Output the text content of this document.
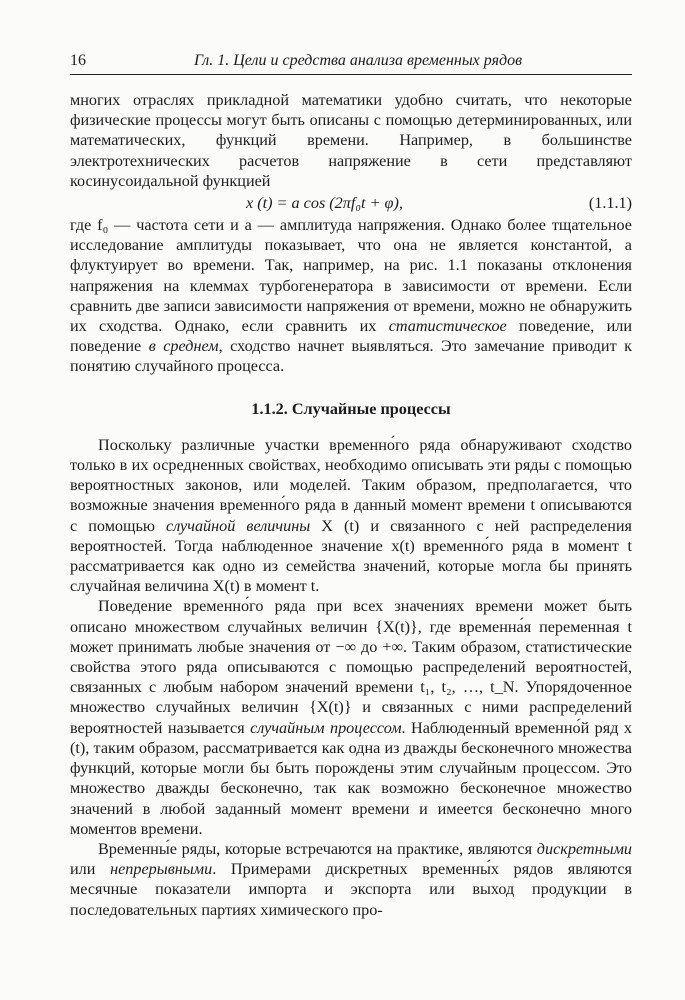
16	Гл. 1. Цели и средства анализа временных рядов

многих отраслях прикладной математики удобно считать, что некоторые физические процессы могут быть описаны с помощью детерминированных, или математических, функций времени. Например, в большинстве электротехнических расчетов напряжение в сети представляют косинусоидальной функцией

x (t) = a cos (2πf₀t + φ),	(1.1.1)

где f₀ — частота сети и a — амплитуда напряжения. Однако более тщательное исследование амплитуды показывает, что она не является константой, а флуктуирует во времени. Так, например, на рис. 1.1 показаны отклонения напряжения на клеммах турбогенератора в зависимости от времени. Если сравнить две записи зависимости напряжения от времени, можно не обнаружить их сходства. Однако, если сравнить их статистическое поведение, или поведение в среднем, сходство начнет выявляться. Это замечание приводит к понятию случайного процесса.

1.1.2. Случайные процессы

Поскольку различные участки временно́го ряда обнаруживают сходство только в их осредненных свойствах, необходимо описывать эти ряды с помощью вероятностных законов, или моделей. Таким образом, предполагается, что возможные значения временно́го ряда в данный момент времени t описываются с помощью случайной величины X (t) и связанного с ней распределения вероятностей. Тогда наблюденное значение x(t) временно́го ряда в момент t рассматривается как одно из семейства значений, которые могла бы принять случайная величина X(t) в момент t.

Поведение временно́го ряда при всех значениях времени может быть описано множеством случайных величин {X(t)}, где временна́я переменная t может принимать любые значения от −∞ до +∞. Таким образом, статистические свойства этого ряда описываются с помощью распределений вероятностей, связанных с любым набором значений времени t₁, t₂, …, t_N. Упорядоченное множество случайных величин {X(t)} и связанных с ними распределений вероятностей называется случайным процессом. Наблюденный временно́й ряд x (t), таким образом, рассматривается как одна из дважды бесконечного множества функций, которые могли бы быть порождены этим случайным процессом. Это множество дважды бесконечно, так как возможно бесконечное множество значений в любой заданный момент времени и имеется бесконечно много моментов времени.

Временны́е ряды, которые встречаются на практике, являются дискретными или непрерывными. Примерами дискретных временны́х рядов являются месячные показатели импорта и экспорта или выход продукции в последовательных партиях химического про-
